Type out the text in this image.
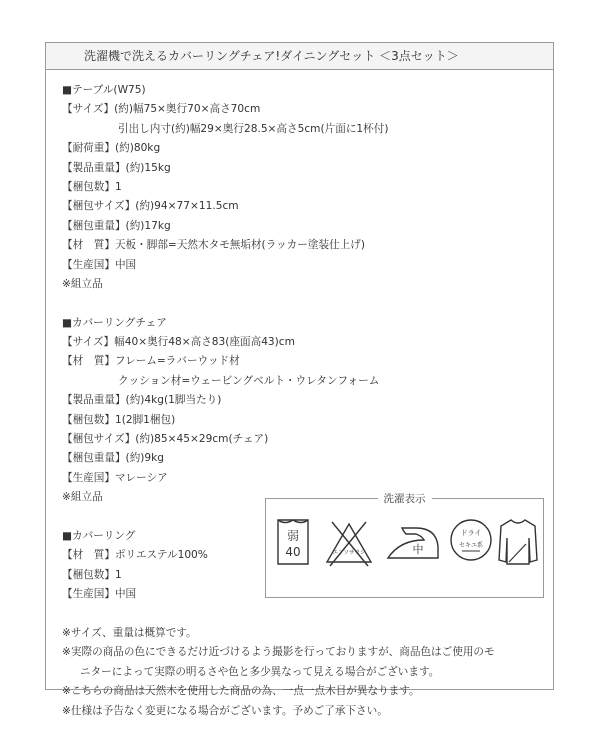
洗濯機で洗えるカバーリングチェア!ダイニングセット ＜3点セット＞
■テーブル(W75)
【サイズ】(約)幅75×奥行70×高さ70cm
引出し内寸(約)幅29×奥行28.5×高さ5cm(片面に1杯付)
【耐荷重】(約)80kg
【製品重量】(約)15kg
【梱包数】1
【梱包サイズ】(約)94×77×11.5cm
【梱包重量】(約)17kg
【材　質】天板・脚部=天然木タモ無垢材(ラッカー塗装仕上げ)
【生産国】中国
※組立品
■カバーリングチェア
【サイズ】幅40×奥行48×高さ83(座面高43)cm
【材　質】フレーム=ラバーウッド材
クッション材=ウェービングベルト・ウレタンフォーム
【製品重量】(約)4kg(1脚当たり)
【梱包数】1(2脚1梱包)
【梱包サイズ】(約)85×45×29cm(チェア)
【梱包重量】(約)9kg
【生産国】マレーシア
※組立品
■カバーリング
【材　質】ポリエステル100%
【梱包数】1
【生産国】中国
※サイズ、重量は概算です。
※実際の商品の色にできるだけ近づけるよう撮影を行っておりますが、商品色はご使用のモ
ニターによって実際の明るさや色と多少異なって見える場合がございます。
※こちらの商品は天然木を使用した商品の為、一点一点木目が異なります。
※仕様は予告なく変更になる場合がございます。予めご了承下さい。
洗濯表示
弱
40	エンソサラシ	中
ドライ
セキユ系
